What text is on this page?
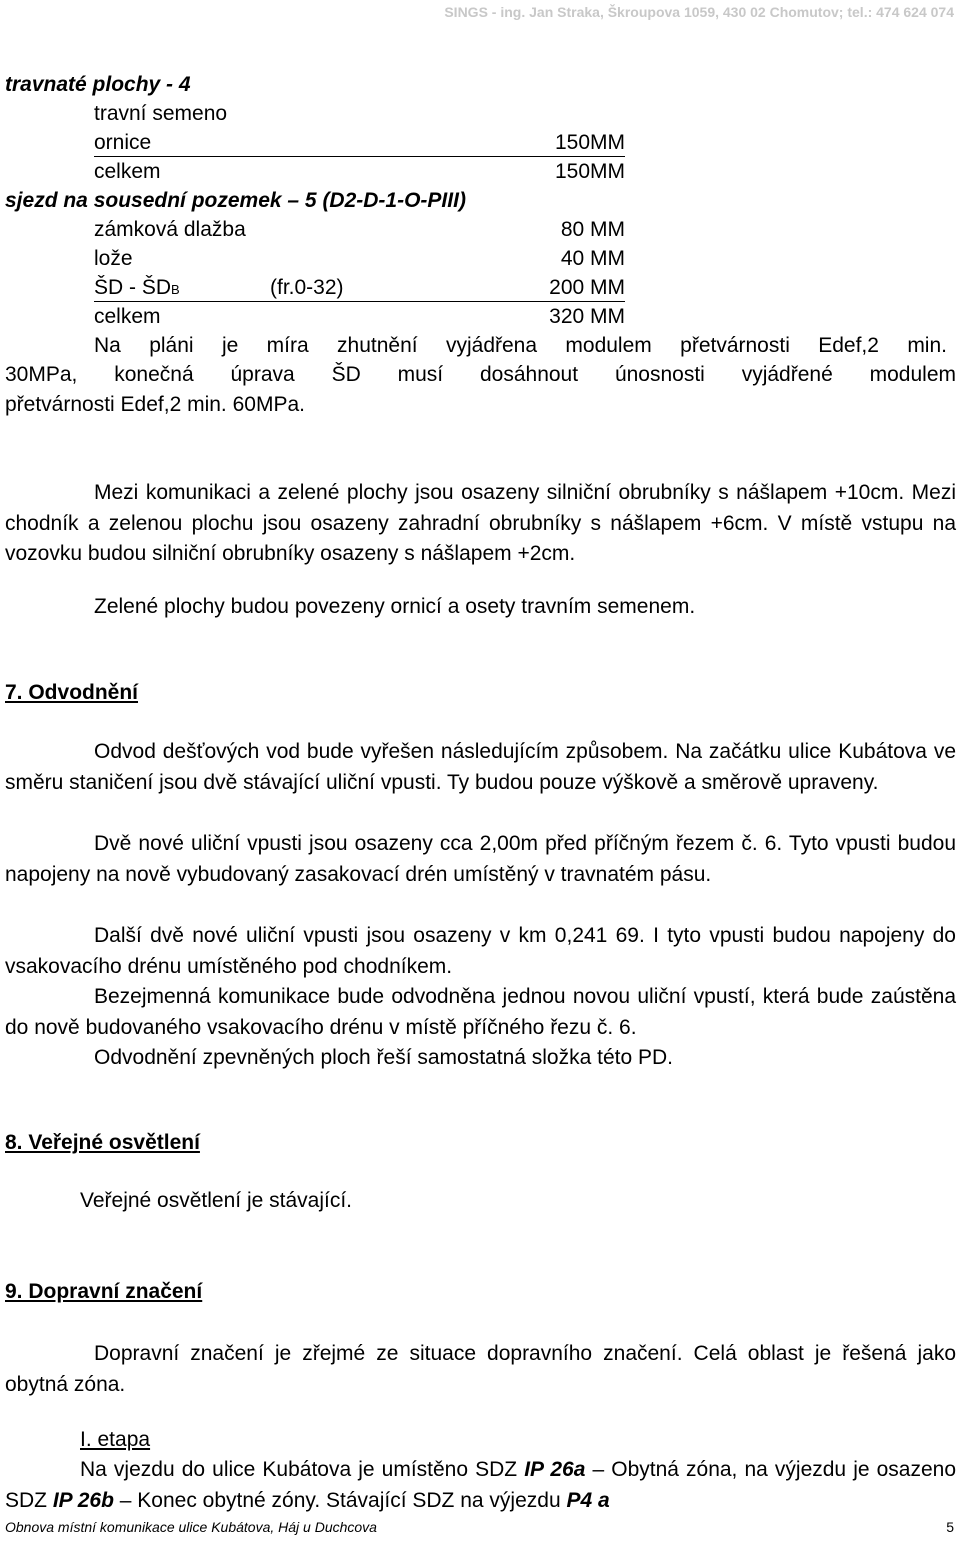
SINGS - ing. Jan Straka, Škroupova 1059, 430 02 Chomutov; tel.: 474 624 074
travnaté plochy - 4
travní semeno
ornice	150MM
celkem	150MM
sjezd na sousední pozemek – 5 (D2-D-1-O-PIII)
zámková dlažba	80 MM
lože	40 MM
ŠD - ŠDB	(fr.0-32)	200 MM
celkem	320 MM
Na pláni je míra zhutnění vyjádřena modulem přetvárnosti Edef,2 min.
30MPa, konečná úprava ŠD musí dosáhnout únosnosti vyjádřené modulem
přetvárnosti Edef,2 min. 60MPa.
Mezi komunikaci a zelené plochy jsou osazeny silniční obrubníky s nášlapem +10cm. Mezi chodník a zelenou plochu jsou osazeny zahradní obrubníky s nášlapem +6cm. V místě vstupu na vozovku budou silniční obrubníky osazeny s nášlapem +2cm.
Zelené plochy budou povezeny ornicí a osety travním semenem.
7. Odvodnění
Odvod dešťových vod bude vyřešen následujícím způsobem. Na začátku ulice Kubátova ve směru staničení jsou dvě stávající uliční vpusti. Ty budou pouze výškově a směrově upraveny.
Dvě nové uliční vpusti jsou osazeny cca 2,00m před příčným řezem č. 6. Tyto vpusti budou napojeny na nově vybudovaný zasakovací drén umístěný v travnatém pásu.
Další dvě nové uliční vpusti jsou osazeny v km 0,241 69. I tyto vpusti budou napojeny do vsakovacího drénu umístěného pod chodníkem.
Bezejmenná komunikace bude odvodněna jednou novou uliční vpustí, která bude zaústěna do nově budovaného vsakovacího drénu v místě příčného řezu č. 6.
Odvodnění zpevněných ploch řeší samostatná složka této PD.
8. Veřejné osvětlení
Veřejné osvětlení je stávající.
9. Dopravní značení
Dopravní značení je zřejmé ze situace dopravního značení. Celá oblast je řešená jako obytná zóna.
I. etapa
Na vjezdu do ulice Kubátova je umístěno SDZ IP 26a – Obytná zóna, na výjezdu je osazeno SDZ IP 26b – Konec obytné zóny. Stávající SDZ na výjezdu P4 a
Obnova místní komunikace ulice Kubátova, Háj u Duchcova	5
